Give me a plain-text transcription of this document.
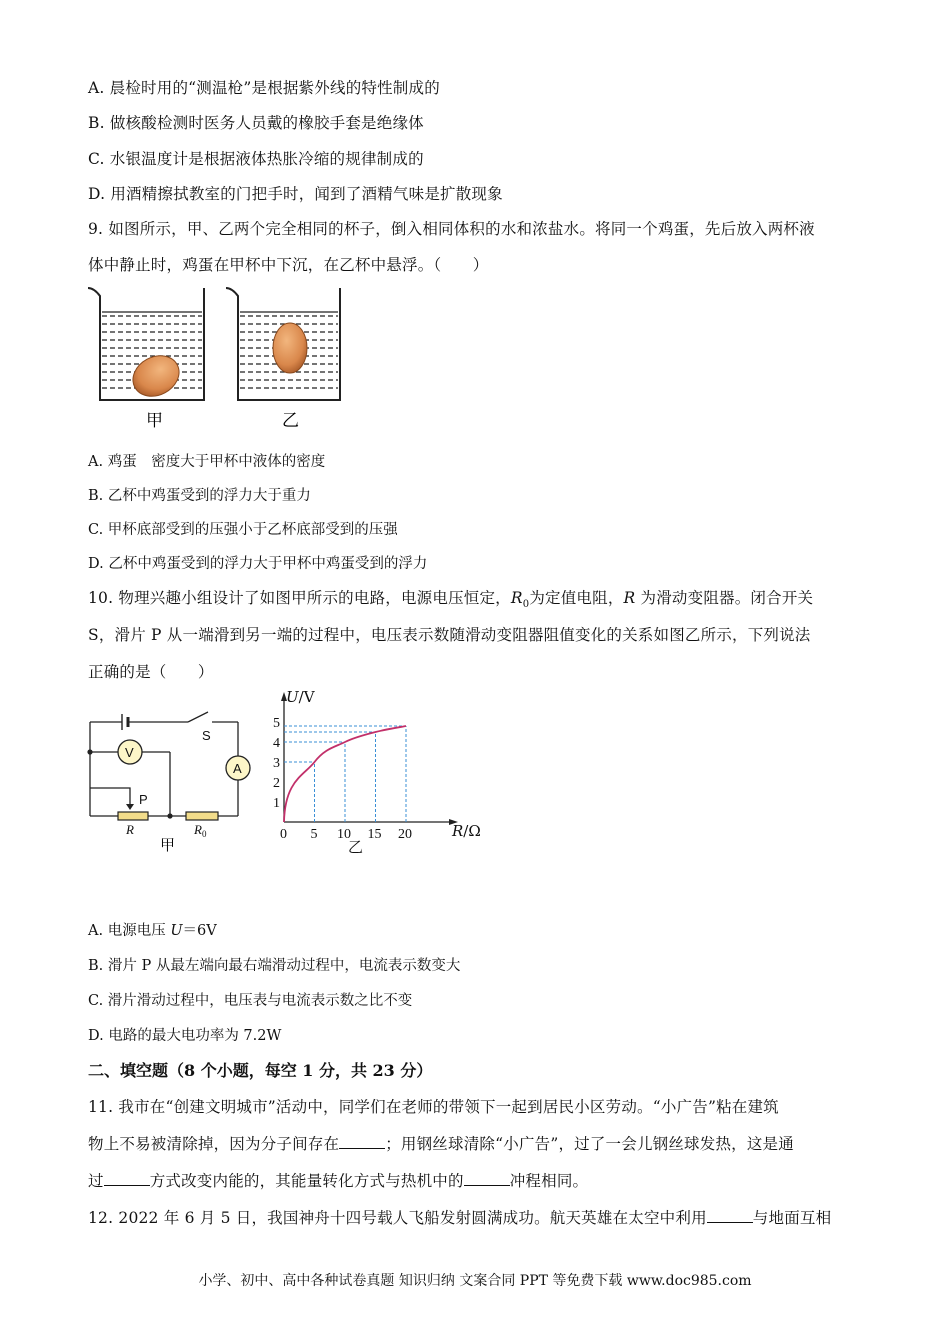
A. 晨检时用的“测温枪”是根据紫外线的特性制成的
B. 做核酸检测时医务人员戴的橡胶手套是绝缘体
C. 水银温度计是根据液体热胀冷缩的规律制成的
D. 用酒精擦拭教室的门把手时，闻到了酒精气味是扩散现象
9. 如图所示，甲、乙两个完全相同的杯子，倒入相同体积的水和浓盐水。将同一个鸡蛋，先后放入两杯液
体中静止时，鸡蛋在甲杯中下沉，在乙杯中悬浮。（　　）
甲	乙
A. 鸡蛋　密度大于甲杯中液体的密度
B. 乙杯中鸡蛋受到的浮力大于重力
C. 甲杯底部受到的压强小于乙杯底部受到的压强
D. 乙杯中鸡蛋受到的浮力大于甲杯中鸡蛋受到的浮力
10. 物理兴趣小组设计了如图甲所示的电路，电源电压恒定，$R_0$为定值电阻，R 为滑动变阻器。闭合开关
S，滑片 P 从一端滑到另一端的过程中，电压表示数随滑动变阻器阻值变化的关系如图乙所示，下列说法
正确的是（　　）
V
A
S
P
R	$R_0$
甲
0 5 10 15 20
1
2
3
4
5
U/V
R/Ω
乙
A. 电源电压 U＝6V
B. 滑片 P 从最左端向最右端滑动过程中，电流表示数变大
C. 滑片滑动过程中，电压表与电流表示数之比不变
D. 电路的最大电功率为 7.2W
二、填空题（8 个小题，每空 1 分，共 23 分）
11. 我市在“创建文明城市”活动中，同学们在老师的带领下一起到居民小区劳动。“小广告”粘在建筑
物上不易被清除掉，因为分子间存在	；用钢丝球清除“小广告”，过了一会儿钢丝球发热，这是通
过	方式改变内能的，其能量转化方式与热机中的	冲程相同。
12. 2022 年 6 月 5 日，我国神舟十四号载人飞船发射圆满成功。航天英雄在太空中利用	与地面互相
小学、初中、高中各种试卷真题 知识归纳 文案合同 PPT 等免费下载 www.doc985.com
